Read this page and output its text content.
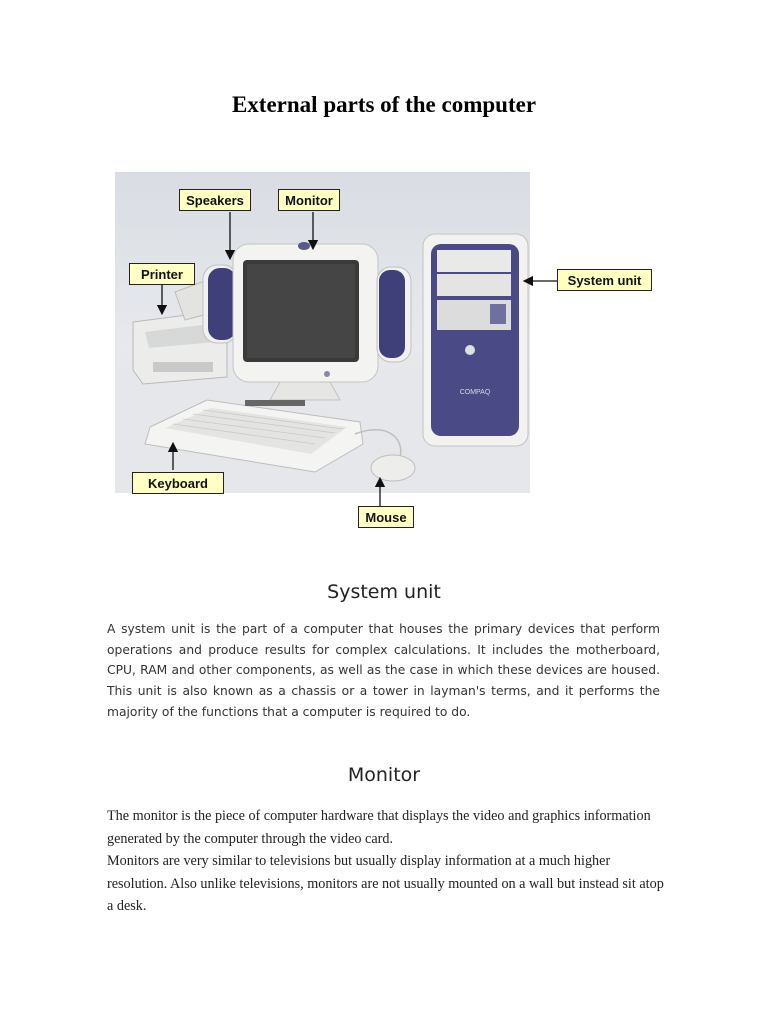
External parts of the computer
COMPAQ
Speakers	Monitor
Printer	System unit
Keyboard
Mouse
System unit
A system unit is the part of a computer that houses the primary devices that perform operations and produce results for complex calculations. It includes the motherboard, CPU, RAM and other components, as well as the case in which these devices are housed. This unit is also known as a chassis or a tower in layman's terms, and it performs the majority of the functions that a computer is required to do.
Monitor

The monitor is the piece of computer hardware that displays the video and graphics information generated by the computer through the video card.

Monitors are very similar to televisions but usually display information at a much higher resolution. Also unlike televisions, monitors are not usually mounted on a wall but instead sit atop a desk.
